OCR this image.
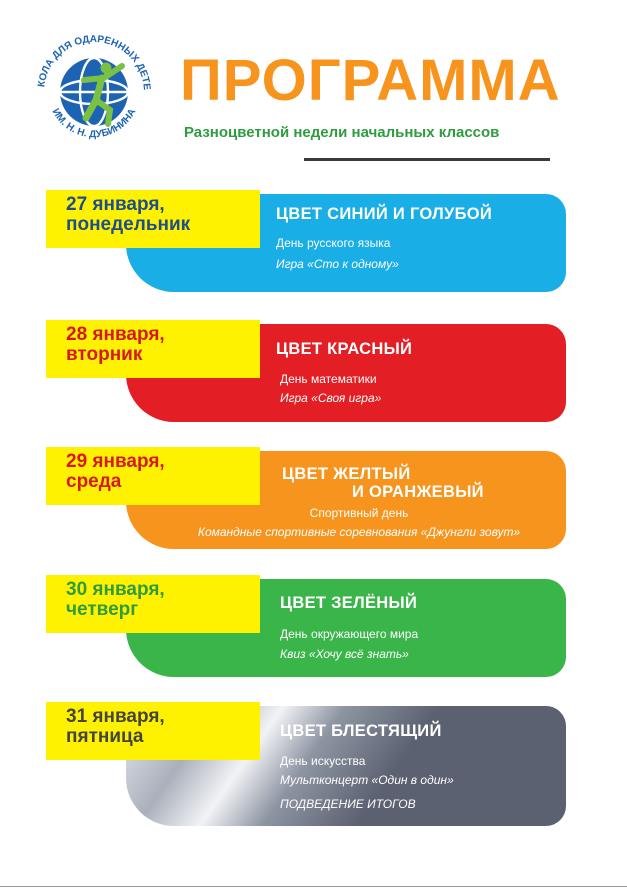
КОЛА ДЛЯ ОДАРЕННЫХ ДЕТЕ
ИМ. Н. Н. ДУБИНИНА ПРОГРАММА
Разноцветной недели начальных классов
27 января,
понедельник	ЦВЕТ СИНИЙ И ГОЛУБОЙ
День русского языка
Игра «Сто к одному»
28 января,
вторник	ЦВЕТ КРАСНЫЙ
День математики
Игра «Своя игра»
29 января,
среда	ЦВЕТ ЖЕЛТЫЙ
И ОРАНЖЕВЫЙ
Спортивный день
Командные спортивные соревнования «Джунгли зовут»
30 января,
четверг	ЦВЕТ ЗЕЛЁНЫЙ
День окружающего мира
Квиз «Хочу всё знать»
31 января,
пятница	ЦВЕТ БЛЕСТЯЩИЙ
День искусства
Мультконцерт «Один в один»
ПОДВЕДЕНИЕ ИТОГОВ
